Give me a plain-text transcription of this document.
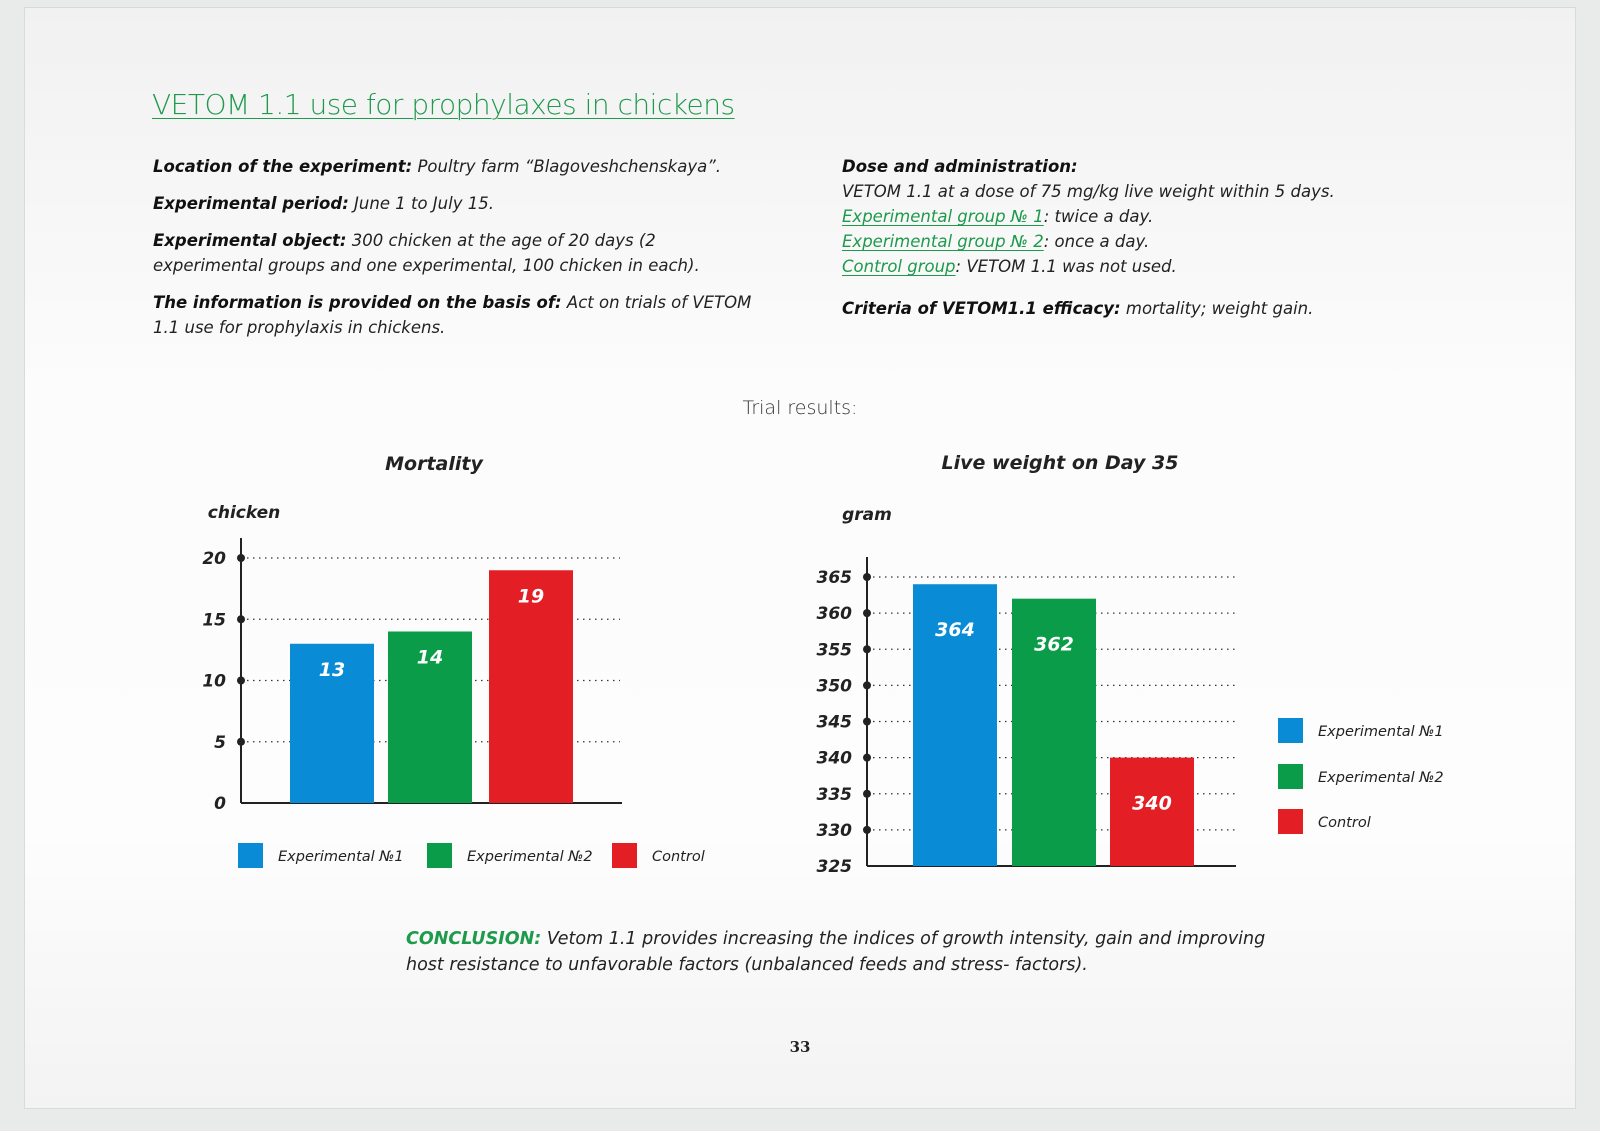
VETOM 1.1 use for prophylaxes in chickens

Location of the experiment: Poultry farm “Blagoveshchenskaya”.

Experimental period: June 1 to July 15.

Experimental object: 300 chicken at the age of 20 days (2 experimental groups and one experimental, 100 chicken in each).

The information is provided on the basis of: Act on trials of VETOM 1.1 use for prophylaxis in chickens.

Dose and administration:
VETOM 1.1 at a dose of 75 mg/kg live weight within 5 days.
Experimental group № 1: twice a day.
Experimental group № 2: once a day.
Control group: VETOM 1.1 was not used.
Criteria of VETOM1.1 efficacy: mortality; weight gain.
Trial results:
Mortality
chicken
0
5
10
15
20
13
14
19
Experimental №1	Experimental №2	Control
Live weight on Day 35
gram
325
330
335
340
345
350
355
360
365
364
362
340
Experimental №1
Experimental №2
Control
CONCLUSION: Vetom 1.1 provides increasing the indices of growth intensity, gain and improving host resistance to unfavorable factors (unbalanced feeds and stress- factors).
33
